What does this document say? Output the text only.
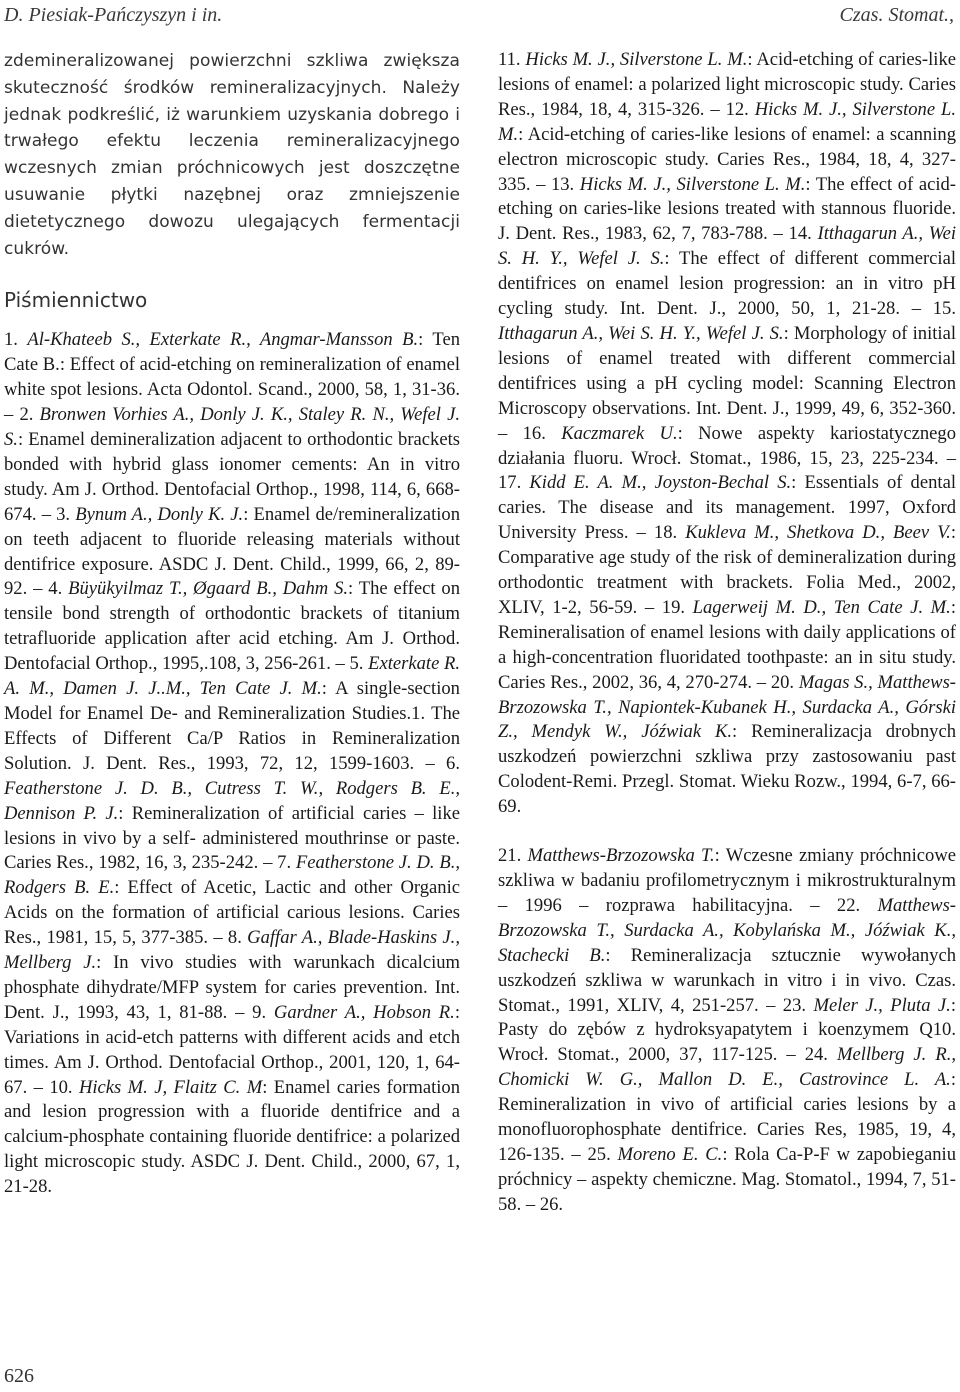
D. Piesiak-Pańczyszyn i in.	Czas. Stomat.,
zdemineralizowanej powierzchni szkliwa zwiększa skuteczność środków remineralizacyjnych. Należy jednak podkreślić, iż warunkiem uzyskania dobrego i trwałego efektu leczenia remineralizacyjnego wczesnych zmian próchnicowych jest doszczętne usuwanie płytki nazębnej oraz zmniejszenie dietetycznego dowozu ulegających fermentacji cukrów.
Piśmiennictwo

1. Al-Khateeb S., Exterkate R., Angmar-Mansson B.: Ten Cate B.: Effect of acid-etching on remineralization of enamel white spot lesions. Acta Odontol. Scand., 2000, 58, 1, 31-36. – 2. Bronwen Vorhies A., Donly J. K., Staley R. N., Wefel J. S.: Enamel demineralization adjacent to orthodontic brackets bonded with hybrid glass ionomer cements: An in vitro study. Am J. Orthod. Dentofacial Orthop., 1998, 114, 6, 668-674. – 3. Bynum A., Donly K. J.: Enamel de/remineralization on teeth adjacent to fluoride releasing materials without dentifrice exposure. ASDC J. Dent. Child., 1999, 66, 2, 89-92. – 4. Büyükyilmaz T., Øgaard B., Dahm S.: The effect on tensile bond strength of orthodontic brackets of titanium tetrafluoride application after acid etching. Am J. Orthod. Dentofacial Orthop., 1995,.108, 3, 256-261. – 5. Exterkate R. A. M., Damen J. J..M., Ten Cate J. M.: A single-section Model for Enamel De- and Remineralization Studies.1. The Effects of Different Ca/P Ratios in Remineralization Solution. J. Dent. Res., 1993, 72, 12, 1599-1603. – 6. Featherstone J. D. B., Cutress T. W., Rodgers B. E., Dennison P. J.: Remineralization of artificial caries – like lesions in vivo by a self- administered mouthrinse or paste. Caries Res., 1982, 16, 3, 235-242. – 7. Featherstone J. D. B., Rodgers B. E.: Effect of Acetic, Lactic and other Organic Acids on the formation of artificial carious lesions. Caries Res., 1981, 15, 5, 377-385. – 8. Gaffar A., Blade-Haskins J., Mellberg J.: In vivo studies with warunkach dicalcium phosphate dihydrate/MFP system for caries prevention. Int. Dent. J., 1993, 43, 1, 81-88. – 9. Gardner A., Hobson R.: Variations in acid-etch patterns with different acids and etch times. Am J. Orthod. Dentofacial Orthop., 2001, 120, 1, 64-67. – 10. Hicks M. J, Flaitz C. M: Enamel caries formation and lesion progression with a fluoride dentifrice and a calcium-phosphate containing fluoride dentifrice: a polarized light microscopic study. ASDC J. Dent. Child., 2000, 67, 1, 21-28.

11. Hicks M. J., Silverstone L. M.: Acid-etching of caries-like lesions of enamel: a polarized light microscopic study. Caries Res., 1984, 18, 4, 315-326. – 12. Hicks M. J., Silverstone L. M.: Acid-etching of caries-like lesions of enamel: a scanning electron microscopic study. Caries Res., 1984, 18, 4, 327-335. – 13. Hicks M. J., Silverstone L. M.: The effect of acid-etching on caries-like lesions treated with stannous fluoride. J. Dent. Res., 1983, 62, 7, 783-788. – 14. Itthagarun A., Wei S. H. Y., Wefel J. S.: The effect of different commercial dentifrices on enamel lesion progression: an in vitro pH cycling study. Int. Dent. J., 2000, 50, 1, 21-28. – 15. Itthagarun A., Wei S. H. Y., Wefel J. S.: Morphology of initial lesions of enamel treated with different commercial dentifrices using a pH cycling model: Scanning Electron Microscopy observations. Int. Dent. J., 1999, 49, 6, 352-360. – 16. Kaczmarek U.: Nowe aspekty kariostatycznego działania fluoru. Wrocł. Stomat., 1986, 15, 23, 225-234. – 17. Kidd E. A. M., Joyston-Bechal S.: Essentials of dental caries. The disease and its management. 1997, Oxford University Press. – 18. Kukleva M., Shetkova D., Beev V.: Comparative age study of the risk of demineralization during orthodontic treatment with brackets. Folia Med., 2002, XLIV, 1-2, 56-59. – 19. Lagerweij M. D., Ten Cate J. M.: Remineralisation of enamel lesions with daily applications of a high-concentration fluoridated toothpaste: an in situ study. Caries Res., 2002, 36, 4, 270-274. – 20. Magas S., Matthews-Brzozowska T., Napiontek-Kubanek H., Surdacka A., Górski Z., Mendyk W., Jóźwiak K.: Remineralizacja drobnych uszkodzeń powierzchni szkliwa przy zastosowaniu past Colodent-Remi. Przegl. Stomat. Wieku Rozw., 1994, 6-7, 66-69.

21. Matthews-Brzozowska T.: Wczesne zmiany próchnicowe szkliwa w badaniu profilometrycznym i mikrostrukturalnym – 1996 – rozprawa habilitacyjna. – 22. Matthews-Brzozowska T., Surdacka A., Kobylańska M., Jóźwiak K., Stachecki B.: Remineralizacja sztucznie wywołanych uszkodzeń szkliwa w warunkach in vitro i in vivo. Czas. Stomat., 1991, XLIV, 4, 251-257. – 23. Meler J., Pluta J.: Pasty do zębów z hydroksyapatytem i koenzymem Q10. Wrocł. Stomat., 2000, 37, 117-125. – 24. Mellberg J. R., Chomicki W. G., Mallon D. E., Castrovince L. A.: Remineralization in vivo of artificial caries lesions by a monofluorophosphate dentifrice. Caries Res, 1985, 19, 4, 126-135. – 25. Moreno E. C.: Rola Ca-P-F w zapobieganiu próchnicy – aspekty chemiczne. Mag. Stomatol., 1994, 7, 51-58. – 26.

626
